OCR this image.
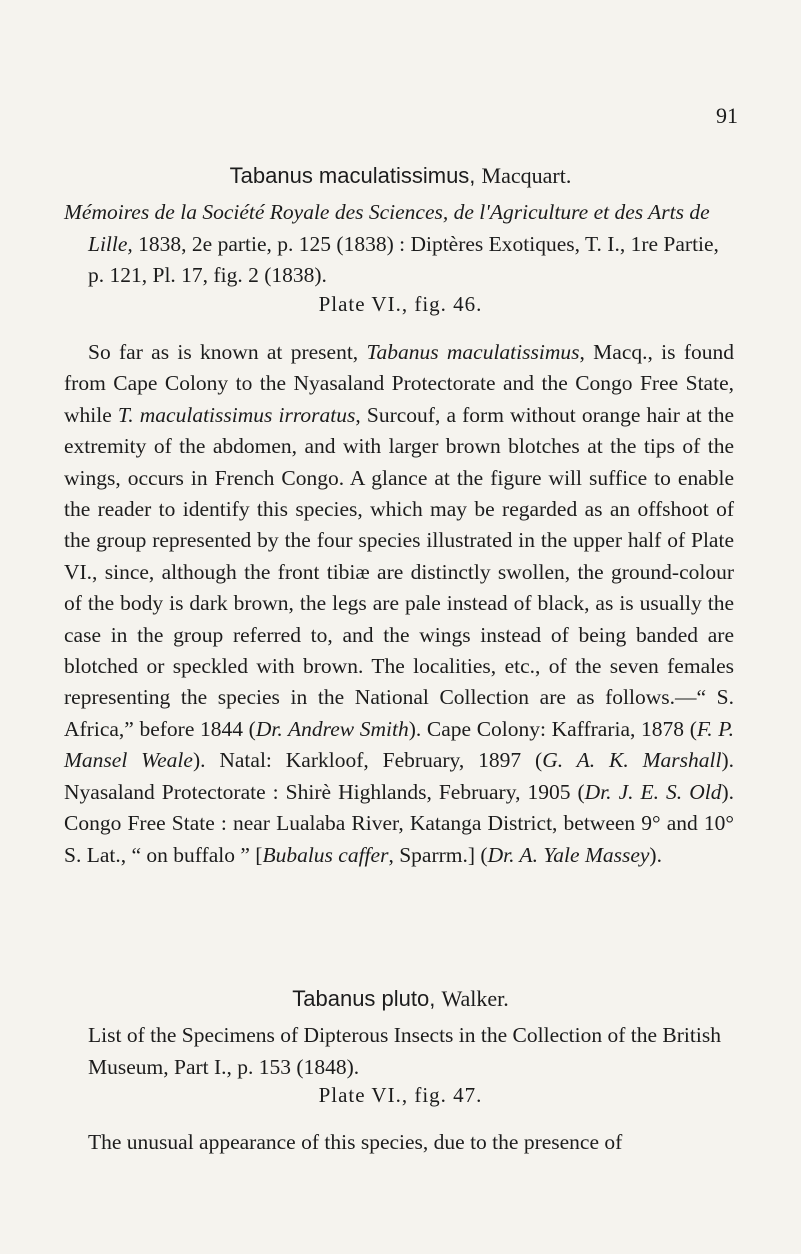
91
Tabanus maculatissimus, Macquart.
Mémoires de la Société Royale des Sciences, de l'Agriculture et des Arts de Lille, 1838, 2e partie, p. 125 (1838) : Diptères Exotiques, T. I., 1re Partie, p. 121, Pl. 17, fig. 2 (1838).
Plate VI., fig. 46.
So far as is known at present, Tabanus maculatissimus, Macq., is found from Cape Colony to the Nyasaland Protectorate and the Congo Free State, while T. maculatissimus irroratus, Surcouf, a form without orange hair at the extremity of the abdomen, and with larger brown blotches at the tips of the wings, occurs in French Congo. A glance at the figure will suffice to enable the reader to identify this species, which may be regarded as an offshoot of the group represented by the four species illustrated in the upper half of Plate VI., since, although the front tibiæ are distinctly swollen, the ground-colour of the body is dark brown, the legs are pale instead of black, as is usually the case in the group referred to, and the wings instead of being banded are blotched or speckled with brown. The localities, etc., of the seven females representing the species in the National Collection are as follows.—“ S. Africa,” before 1844 (Dr. Andrew Smith). Cape Colony: Kaffraria, 1878 (F. P. Mansel Weale). Natal: Karkloof, February, 1897 (G. A. K. Marshall). Nyasaland Protectorate : Shirè Highlands, February, 1905 (Dr. J. E. S. Old). Congo Free State : near Lualaba River, Katanga District, between 9° and 10° S. Lat., “ on buffalo ” [Bubalus caffer, Sparrm.] (Dr. A. Yale Massey).
Tabanus pluto, Walker.
List of the Specimens of Dipterous Insects in the Collection of the British Museum, Part I., p. 153 (1848).
Plate VI., fig. 47.
The unusual appearance of this species, due to the presence of
